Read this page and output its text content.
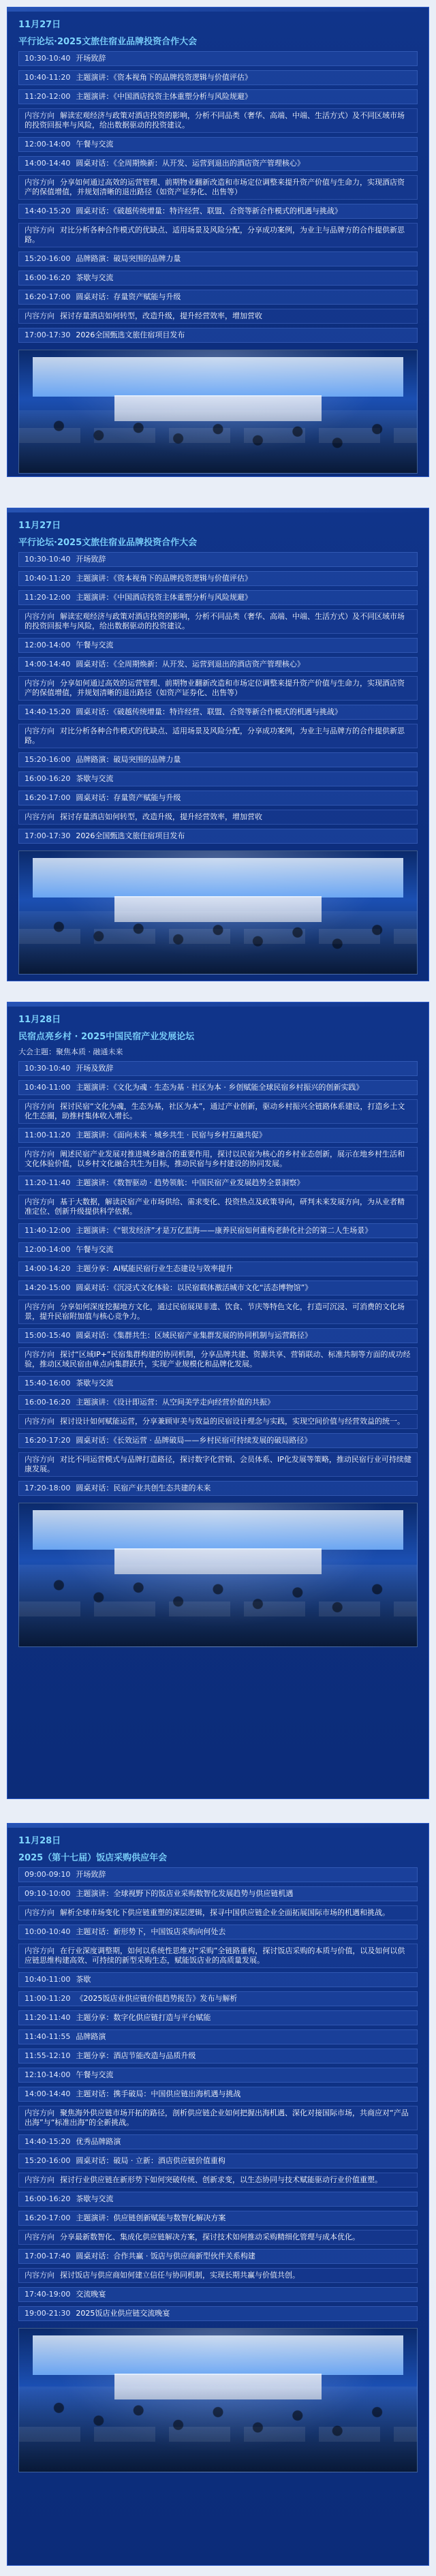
11月27日
平行论坛·2025文旅住宿业品牌投资合作大会
10:30-10:40 开场致辞
10:40-11:20 主题演讲：《资本视角下的品牌投资逻辑与价值评估》
11:20-12:00 主题演讲：《中国酒店投资主体重塑分析与风险规避》
内容方向 解读宏观经济与政策对酒店投资的影响，分析不同品类（奢华、高端、中端、生活方式）及不同区域市场的投资回报率与风险，给出数据驱动的投资建议。
12:00-14:00 午餐与交流
14:00-14:40 圆桌对话：《全周期焕新：从开发、运营到退出的酒店资产管理核心》
内容方向 分享如何通过高效的运营管理、前期物业翻新改造和市场定位调整来提升资产价值与生命力，实现酒店资产的保值增值，并规划清晰的退出路径（如资产证券化、出售等）
14:40-15:20 圆桌对话：《破越传统增量：特许经营、联盟、合资等新合作模式的机遇与挑战》
内容方向 对比分析各种合作模式的优缺点、适用场景及风险分配，分享成功案例，为业主与品牌方的合作提供新思路。
15:20-16:00 品牌路演：破局突围的品牌力量
16:00-16:20 茶歇与交流
16:20-17:00 圆桌对话：存量资产赋能与升级
内容方向 探讨存量酒店如何转型，改造升级，提升经营效率，增加营收
17:00-17:30 2026全国甄选文旅住宿项目发布
11月27日
平行论坛·2025文旅住宿业品牌投资合作大会
10:30-10:40 开场致辞
10:40-11:20 主题演讲：《资本视角下的品牌投资逻辑与价值评估》
11:20-12:00 主题演讲：《中国酒店投资主体重塑分析与风险规避》
内容方向 解读宏观经济与政策对酒店投资的影响，分析不同品类（奢华、高端、中端、生活方式）及不同区域市场的投资回报率与风险，给出数据驱动的投资建议。
12:00-14:00 午餐与交流
14:00-14:40 圆桌对话：《全周期焕新：从开发、运营到退出的酒店资产管理核心》
内容方向 分享如何通过高效的运营管理、前期物业翻新改造和市场定位调整来提升资产价值与生命力，实现酒店资产的保值增值，并规划清晰的退出路径（如资产证券化、出售等）
14:40-15:20 圆桌对话：《破越传统增量：特许经营、联盟、合资等新合作模式的机遇与挑战》
内容方向 对比分析各种合作模式的优缺点、适用场景及风险分配，分享成功案例，为业主与品牌方的合作提供新思路。
15:20-16:00 品牌路演：破局突围的品牌力量
16:00-16:20 茶歇与交流
16:20-17:00 圆桌对话：存量资产赋能与升级
内容方向 探讨存量酒店如何转型，改造升级，提升经营效率，增加营收
17:00-17:30 2026全国甄选文旅住宿项目发布
11月28日
民宿点亮乡村 · 2025中国民宿产业发展论坛
大会主题：聚焦本质 · 融通未来
10:30-10:40 开场及致辞
10:40-11:00 主题演讲：《文化为魂 · 生态为基 · 社区为本 · 乡创赋能全球民宿乡村振兴的创新实践》
内容方向 探讨民宿“文化为魂，生态为基，社区为本”，通过产业创新，驱动乡村振兴全链路体系建设，打造乡土文化生态圈，助推村集体收入增长。
11:00-11:20 主题演讲：《面向未来 · 城乡共生 · 民宿与乡村互融共促》
内容方向 阐述民宿产业发展对推进城乡融合的重要作用，探讨以民宿为核心的乡村业态创新，展示在地乡村生活和文化体验价值，以乡村文化融合共生为目标，推动民宿与乡村建设的协同发展。
11:20-11:40 主题演讲：《数智驱动 · 趋势领航：中国民宿产业发展趋势全景洞察》
内容方向 基于大数据，解读民宿产业市场供给、需求变化、投资热点及政策导向，研判未来发展方向，为从业者精准定位、创新升级提供科学依据。
11:40-12:00 主题演讲：《“银发经济”才是万亿蓝海——康养民宿如何重构老龄化社会的第二人生场景》
12:00-14:00 午餐与交流
14:00-14:20 主题分享：AI赋能民宿行业生态建设与效率提升
14:20-15:00 圆桌对话：《沉浸式文化体验：以民宿载体激活城市文化“活态博物馆”》
内容方向 分享如何深度挖掘地方文化，通过民宿展现非遗、饮食、节庆等特色文化，打造可沉浸、可消费的文化场景，提升民宿附加值与核心竞争力。
15:00-15:40 圆桌对话：《集群共生：区域民宿产业集群发展的协同机制与运营路径》
内容方向 探讨“区域IP+”民宿集群构建的协同机制，分享品牌共建、资源共享、营销联动、标准共制等方面的成功经验，推动区域民宿由单点向集群跃升，实现产业规模化和品牌化发展。
15:40-16:00 茶歇与交流
16:00-16:20 主题演讲：《设计即运营：从空间美学走向经营价值的共振》
内容方向 探讨设计如何赋能运营，分享兼顾审美与效益的民宿设计理念与实践，实现空间价值与经营效益的统一。
16:20-17:20 圆桌对话：《长效运营 · 品牌破局——乡村民宿可持续发展的破局路径》
内容方向 对比不同运营模式与品牌打造路径，探讨数字化营销、会员体系、IP化发展等策略，推动民宿行业可持续健康发展。
17:20-18:00 圆桌对话：民宿产业共创生态共建的未来
11月28日
2025（第十七届）饭店采购供应年会
09:00-09:10 开场致辞
09:10-10:00 主题演讲：全球视野下的饭店业采购数智化发展趋势与供应链机遇
内容方向 解析全球市场变化下供应链重塑的深层逻辑，探寻中国供应链企业全面拓展国际市场的机遇和挑战。
10:00-10:40 主题对话：新形势下，中国饭店采购向何处去
内容方向 在行业深度调整期，如何以系统性思维对“采购”全链路重构，探讨饭店采购的本质与价值，以及如何以供应链思维构建高效、可持续的新型采购生态，赋能饭店业的高质量发展。
10:40-11:00 茶歇
11:00-11:20 《2025饭店业供应链价值趋势报告》发布与解析
11:20-11:40 主题分享：数字化供应链打造与平台赋能
11:40-11:55 品牌路演
11:55-12:10 主题分享：酒店节能改造与品质升级
12:10-14:00 午餐与交流
14:00-14:40 主题对话：携手破局：中国供应链出海机遇与挑战
内容方向 聚焦海外供应链市场开拓的路径，剖析供应链企业如何把握出海机遇、深化对接国际市场，共商应对“产品出海”与“标准出海”的全新挑战。
14:40-15:20 优秀品牌路演
15:20-16:00 圆桌对话：破局 · 立新：酒店供应链价值重构
内容方向 探讨行业供应链在新形势下如何突破传统、创新求变，以生态协同与技术赋能驱动行业价值重塑。
16:00-16:20 茶歇与交流
16:20-17:00 主题演讲：供应链创新赋能与数智化解决方案
内容方向 分享最新数智化、集成化供应链解决方案，探讨技术如何推动采购精细化管理与成本优化。
17:00-17:40 圆桌对话：合作共赢 · 饭店与供应商新型伙伴关系构建
内容方向 探讨饭店与供应商如何建立信任与协同机制，实现长期共赢与价值共创。
17:40-19:00 交流晚宴
19:00-21:30 2025饭店业供应链交流晚宴
